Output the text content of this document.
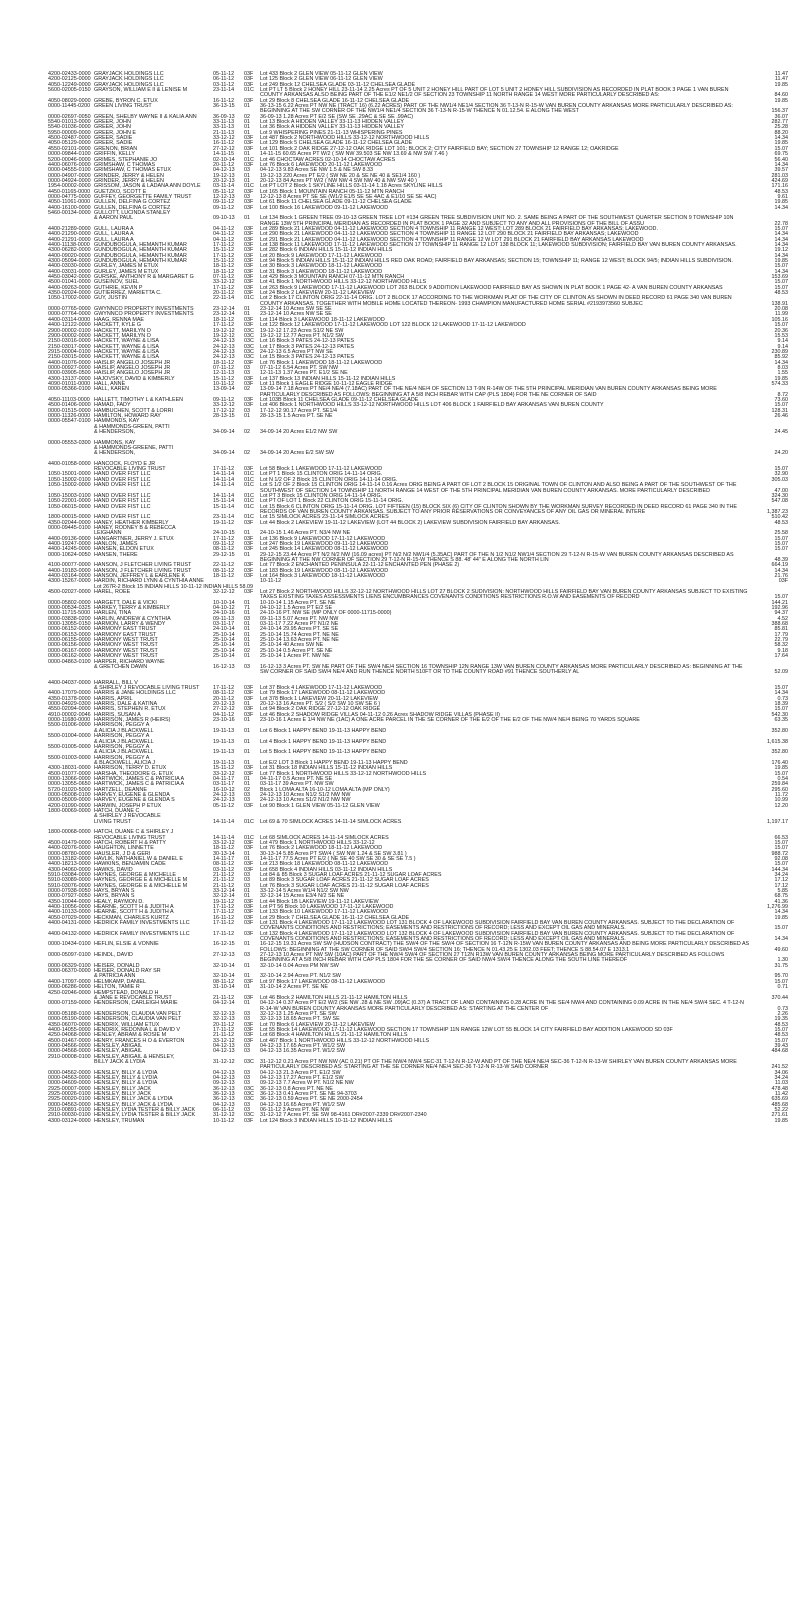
4200-02433-0000 GRAYJACK HOLDINGS LLC	05-11-12	03F	Lot 433 Block 2 GLEN VIEW 05-11-12 GLEN VIEW	11.47
4200-02125-0000 GRAYJACK HOLDINGS LLC	06-11-12	03F	Lot 125 Block 2 GLEN VIEW 06-11-12 GLEN VIEW	11.47
4050-12249-0000 GRAYJACK HOLDINGS LLC	03-11-12	03F	Lot 249 Block 12 CHELSEA GLADE 03-11-12 CHELSEA GLADE	19.85
5600-02005-0150 GRAYSON, WILLIAM E II & LENISE M	23-11-14	01C	Lot PT LT 5 Block 2 HONEY HILL 23-11-14 2.25 Acres PT OF 5 UNIT 2 HONEY HILL PART OF LOT 5 UNIT 2 HONEY HILL SUBDIVISION AS RECORDED IN PLAT BOOK 3 PAGE 1 VAN BUREN COUNTY ARKANSAS ALSO BEING PART OF THE E1/2 NE1/2 OF SECTION 23 TOWNSHIP 11 NORTH RANGE 14 WEST MORE PARTICULARLY DESCRIBED AS:	84.60
4050-08029-0000 GREBE, BYRON C. ETUX	16-11-12	03F	Lot 29 Block 8 CHELSEA GLADE 16-11-12 CHELSEA GLADE	19.85
0000-11445-0200 GREEN LIVING TRUST	36-13-15	01	36-13-15 6.22 Acres PT NW NE (TRACT 16) (6.22 ACRES) PART OF THE NW1/4 NE1/4 SECTION 36 T-13-N R-15-W VAN BUREN COUNTY ARKANSAS MORE PARTICULARLY DESCRIBED AS: BEGINNING AT THE SW CORNER OF THE NW1/4 NE1/4 SECTION 36 T-13-N R-15-W THENCE N 01.12.54. E ALONG THE WEST	156.37
0000-02697-0050 GREEN, SHELBY WAYNE II & KALIA ANN	36-09-13	02	36-09-13 1.28 Acres PT E/2 SE (SW SE .29AC & SE SE .99AC)	36.07
5540-01013-0000 GREER, JOHN	33-11-13	01	Lot 13 Block A HIDDEN VALLEY 33-11-13 HIDDEN VALLEY	282.77
5540-01036-0000 GREER, JOHN	33-11-13	01	Lot 36 Block A HIDDEN VALLEY 33-11-13 HIDDEN VALLEY	25.28
5950-00009-0000 GREER, JOHN E	21-11-13	01	Lot 9 WHISPERING PINES 21-11-13 WHISPERING PINES	88.20
4500-02487-0000 GREER, SADIE	33-12-12	03F	Lot 487 Block 2 NORTHWOOD HILLS 33-12-12 NORTHWOOD HILLS	14.34
4050-05129-0000 GREER, SADIE	16-11-12	03F	Lot 129 Block 5 CHELSEA GLADE 16-11-12 CHELSEA GLADE	19.85
4550-02101-0000 GRENON, BRIAN	27-12-12	03F	Lot 101 Block 2 OAK RIDGE 27-12-12 OAK RIDGE LOT 101; BLOCK 2; CITY FAIRFIELD BAY; SECTION 27 TOWNSHIP 12 RANGE 12; OAKRIDGE	15.07
0000-09844-0100 GRIFFIN, KELLY	14-11-15	01	14-11-15 60.65 Acres PT W/2 ( SW NW 39.503 SE NW 13.69 & NW SW 7.46 )	69.75
5200-00046-0000 GRIMES, STEPHANIE JO	02-10-14	01C	Lot 46 CHOCTAW ACRES 02-10-14 CHOCTAW ACRES	56.40
4400-06076-0000 GRIMSHAW, C THOMAS	20-11-12	03F	Lot 76 Block 6 LAKEWOOD 20-11-12 LAKEWOOD	14.34
0000-04555-0100 GRIMSHAW, C THOMAS ETUX	04-12-13	03	04-12-13 9.83 Acres SE NW 1.5 & NE SW 8.33	39.57
0000-04907-0000 GRINDER, JERRY & HELEN	19-12-13	01	19-12-13 220 Acres PT E/2 ( SW NE 20 & SE NE 40 & SE1/4 160 )	281.03
0000-04924-0000 GRINDER, JERRY & HELEN	20-12-13	01	20-12-13 84 Acres PT W/2 ( NW NW 4 SW NW 40 & NW SW 40 )	424.69
1954-00002-0000 GRISSOM, JASON & LADANA ANN DOYLE	03-11-14	01C	Lot PT LOT 2 Block 1 SKYLINE HILLS 03-11-14 1.18 Acres SKYLINE HILLS	171.16
4450-01165-0000 GUETZKO, SCOTT E	05-11-12	03F	Lot 165 Block 1 MOUNTAIN RANCH 05-11-12 MTN RANCH	48.53
0000-04775-0000 GUFFEY, GEORGETTE FAMILY TRUST	12-12-13	03	12-12-13 8 Acres PT SE SE (W1/2 E1/5 SE SE 4AC & E1/10 SE SE 4AC)	9.61
4050-11061-0000 GULLEN, DELFINA G CORTEZ	09-11-12	03F	Lot 61 Block 11 CHELSEA GLADE 09-11-12 CHELSEA GLADE	19.85
4400-16100-0000 GULLEN, DELFINA G CORTEZ	09-11-12	03F	Lot 100 Block 16 LAKEWOOD 09-11-12 LAKEWOOD	14.34
5460-00134-0000 GULLOTT, LUCINDA STANLEY
& AARON PAUL	09-10-13	01	Lot 134 Block 1 GREEN TREE 09-10-13 GREEN TREE LOT #134 GREEN TREE SUBDIVISION UNIT NO. 2. SAME BEING A PART OF THE SOUTHWEST QUARTER SECTION 9 TOWNSHIP 10N RANGE 13W 5TH PRINCIPAL MERIDIAN AS RECORDED IN PLAT BOOK 1 PAGE 32 AND SUBJECT TO ANY AND ALL PROVISIONS OF THE BILL OF ASSU	22.78
4400-21289-0000 GULL, LAURA A	04-11-12	03F	Lot 289 Block 21 LAKEWOOD 04-11-12 LAKEWOOD SECTION 4 TOWNSHIP 11 RANGE 12 WEST; LOT 289 BLOCK 21 FAIRFIELD BAY ARKANSAS; LAKEWOOD.	15.07
4400-21290-0000 GULL, LAURA A	04-11-12	03F	Lot 290 Block 21 LAKEWOOD 04-11-12 LAKEWOOD SECTION 4 TOWNSHIP 11 RANGE 12 LOT 290 BLOCK 21 FAIRFIELD BAY ARKANSAS; LAKEWOOD	14.34
4400-21291-0000 GULL, LAURA A	04-11-12	03F	Lot 291 Block 21 LAKEWOOD 04-11-12 LAKEWOOD SECTION 4 TOWNSHIP 11 RANGE 12 W LOT 291 BLOCK 21 FAIRFIELD BAY ARKANSAS LAKEWOOD	14.34
4400-11138-0000 GUNDUBOGULA, HEMANTH KUMAR	17-11-12	03F	Lot 138 Block 11 LAKEWOOD 17-11-12 LAKEWOOD SECTION 17 TOWNSHIP 11 RANGE 12 LOT 138 BLOCK 11; LAKEWOOD SUBDIVISION; FAIRFIELD BAY VAN BUREN COUNTY ARKANSAS.	14.34
4300-06282-0000 GUNDUBOGULA, HEMANTH KUMAR	15-11-12	03F	Lot 282 Block 6 INDIAN HILLS 15-11-12 INDIAN HILLS	19.12
4400-09020-0000 GUNDUBOGULA, HEMANTH KUMAR	17-11-12	03F	Lot 20 Block 9 LAKEWOOD 17-11-12 LAKEWOOD	14.34
4300-05094-0000 GUNDUBOGULA, HEMANTH KUMAR	15-11-12	03F	Lot 94 Block 5 INDIAN HILLS 15-11-12 INDIAN HILLS RED OAK ROAD; FAIRFIELD BAY ARKANSAS; SECTION 15; TOWNSHIP 11; RANGE 12 WEST; BLOCK 94/5; INDIAN HILLS SUBDIVISION.	19.85
4400-03030-0000 GURLEY, JAMES M ETUX	18-11-12	03F	Lot 30 Block 3 LAKEWOOD 18-11-12 LAKEWOOD	15.07
4400-03031-0000 GURLEY, JAMES M ETUX	18-11-12	03F	Lot 31 Block 3 LAKEWOOD 18-11-12 LAKEWOOD	14.34
4450-03042-0000 GURSKE, ANTHONY R & MARGARET G	07-11-12	03F	Lot 429 Block 3 MOUNTAIN RANCH 07-11-12 MTN RANCH	153.69
4500-01041-0000 GUSEINOV, SUEL	33-12-12	03F	Lot 41 Block 1 NORTHWOOD HILLS 33-12-12 NORTHWOOD HILLS	15.07
4400-09263-0000 GUTHRIE, KEVIN P	17-11-12	03F	Lot 263 Block 9 LAKEWOOD 17-11-12 LAKEWOOD LOT 263 BLOCK 9 ADDITION LAKEWOOD FAIRFIELD BAY AS SHOWN IN PLAT BOOK 1 PAGE 42- A VAN BUREN COUNTY ARKANSAS	15.07
4350-02024-0000 GUTIERREZ, MARIETTA C.	20-11-12	03F	Lot 24 Block 2 LAKEVIEW 20-11-12 LAKEVIEW	48.53
1050-17002-0000 GUY, JUSTIN	22-11-14	01C	Lot 2 Block 17 CLINTON ORIG 22-11-14 ORIG. LOT 2 BLOCK 17 ACCORDING TO THE WORKMAN PLAT OF THE CITY OF CLINTON AS SHOWN IN DEED RECORD 61 PAGE 340 VAN BUREN COUNTY ARKANSAS. TOGETHER WITH MOBILE HOME LOCATED THEREON- 1993 CHAMPION MANUFACTURED HOME SERIAL #2193973560 SUBJEC	138.91
0000-07765-0000 GWYNNCO PROPERTY INVESTMENTS	23-12-14	01	23-12-14 10 Acres SW SE SE	20.08
0000-07764-0000 GWYNNCO PROPERTY INVESTMENTS	23-12-14	01	23-12-14 10 Acres NW SE SE	11.99
4400-03114-0000 HAAG, RENNA MAE	18-11-12	03F	Lot 114 Block 3 LAKEWOOD 18-11-12 LAKEWOOD	105.16
4400-12122-0000 HACKETT, KYLE G	17-11-12	03F	Lot 122 Block 12 LAKEWOOD 17-11-12 LAKEWOOD LOT 122 BLOCK 12 LAKEWOOD 17-11-12 LAKEWOOD	15.07
2900-00002-0100 HACKETT, MARILYN O	19-12-12	03C	19-12-12 17.23 Acres S1/2 NE SW	20.36
2900-00002-0000 HACKETT, MARILYN O	19-12-12	03C	19-12-12 12.77 Acres PT. N1/2 SW	15.53
2150-03016-0000 HACKETT, WAYNE & LISA	24-12-13	03C	Lot 16 Block 3 PATES 24-12-13 PATES	9.14
2150-03017-0000 HACKETT, WAYNE & LISA	24-12-13	03C	Lot 17 Block 3 PATES 24-12-13 PATES	9.14
2915-00004-0100 HACKETT, WAYNE & LISA	24-12-13	03C	24-12-13 6.5 Acres PT NW SE	230.89
2150-03015-0000 HACKETT, WAYNE & LISA	24-12-13	03C	Lot 15 Block 3 PATES 24-12-13 PATES	85.92
4400-01076-0000 HAISLIP, ANGELO JOSEPH JR	18-11-12	03F	Lot 76 Block 1 LAKEWOOD 18-11-12 LAKEWOOD	14.34
0000-00927-0000 HAISLIP, ANGELO JOSEPH JR	07-11-12	03	07-11-12 6.54 Acres PT. SW NW	8.03
0000-03905-0500 HAISLIP, ANGELO JOSEPH JR	12-11-13	03	12-11-13 1.37 Acres PT. E1/2 SE NE	1.55
4300-13137-0000 HAJOVSKY, DAVID & KIMBERLY	15-11-12	03F	Lot 137 Block 13 INDIAN HILLS 15-11-12 INDIAN HILLS	19.85
4090-01011-0000 HALL, ANNE	10-11-12	03F	Lot 11 Block 1 EAGLE RIDGE 10-11-12 EAGLE RIDGE	574.33
0000-05366-0100 HALL, KAREN	13-09-14	02	13-09-14 7.18 Acres PT NE/4 NE/4 (7.18AC) PART OF THE NE/4 NE/4 OF SECTION 13 T-9N R-14W OF THE 5TH PRINCIPAL MERIDIAN VAN BUREN COUNTY ARKANSAS BEING MORE PARTICULARLY DESCRIBED AS FOLLOWS: BEGINNING AT A 5/8 INCH REBAR WITH CAP (PLS 1804) FOR THE NE CORNER OF SAID	8.72
4050-11103-0000 HALLETT, TIMOTHY L & KATHLEEN	09-11-12	03F	Lot 103B Block 11 CHELSEA GLADE 09-11-12 CHELSEA GLADE	73.60
4500-01406-0000 HAMAD, FADY	33-12-12	03F	Lot 406 Block 1 NORTHWOOD HILLS 33-12-12 NORTHWOOD HILLS LOT 406 BLOCK 1 FAIRFIELD BAY ARKANSAS VAN BUREN COUNTY	15.07
0000-01515-0000 HAMBUCHEN, SCOTT & LORRI	17-12-12	03	17-12-12 90.17 Acres PT. SE1/4	128.31
0000-11326-0000 HAMILTON, HOWARD RAY	28-13-15	01	28-13-15 1.5 Acres PT. SE NE	26.46
0000-05547-0100 HAMMONDS, KAY
& HAMMONDS-GREEN, PATTI
& HENDERSON,	34-09-14	02	34-09-14 20 Acres E1/2 NW SW	24.45
0000-05553-0300 HAMMONS, KAY
& HAMMONDS-GREENE, PATTI
& HENDERSON,	34-09-14	02	34-09-14 20 Acres E/2 SW SW	24.20
4400-01058-0000 HANCOCK, FLOYD E JR
REVOCABLE LIVING TRUST	17-11-12	03F	Lot 58 Block 1 LAKEWOOD 17-11-12 LAKEWOOD	15.07
1050-15001-0000 HAND OVER FIST LLC	14-11-14	01C	Lot PT 1 Block 15 CLINTON ORIG 14-11-14 ORIG.	32.90
1050-15002-0100 HAND OVER FIST LLC	14-11-14	01C	Lot N 1/2 OF 2 Block 15 CLINTON ORIG 14-11-14 ORIG.	305.03
1050-15002-0000 HAND OVER FIST LLC	14-11-14	01C	Lot S 1/2 OF 2 Block 15 CLINTON ORIG 14-11-14 0.16 Acres ORIG BEING A PART OF LOT 2 BLOCK 15 ORIGINAL TOWN OF CLINTON AND ALSO BEING A PART OF THE SOUTHWEST OF THE SOUTHWEST OF SECTION 14 TOWNSHIP 11 NORTH RANGE 14 WEST OF THE 5TH PRINCIPAL MERIDIAN VAN BUREN COUNTY ARKANSAS. MORE PARTICULARLY DESCRIBED	47.00
1050-15003-0100 HAND OVER FIST LLC	14-11-14	01C	Lot PT 3 Block 15 CLINTON ORIG 14-11-14 ORIG.	324.30
1050-22001-0000 HAND OVER FIST LLC	15-11-14	01C	Lot PT OF LOT 1 Block 22 CLINTON ORIG 15-11-14 ORIG.	547.08
1050-06015-0000 HAND OVER FIST LLC	15-11-14	01C	Lot 15 Block 6 CLINTON ORIG 15-11-14 ORIG. LOT FIFTEEN (15) BLOCK SIX (6) CITY OF CLINTON SHOWN BY THE WORKMAN SURVEY RECORDED IN DEED RECORD 61 PAGE 340 IN THE RECORDS OF VAN BUREN COUNTY ARKANSAS. SUBJECT TO ANY PRIOR RESERVATIONS OR CONVEYANCES OF ANY OIL GAS OR MINERAL INTERE	1,387.23
1800-00015-0000 HAND OVER FIST LLC	23-11-14	01C	Lot 15 SIMLOCK ACRES 23-11-14 SIMLOCK ACRES	510.42
4350-02044-0000 HANEY, HEATHER KIMBERLY	19-11-12	03F	Lot 44 Block 2 LAKEVIEW 19-11-12 LAKEVIEW (LOT 44 BLOCK 2) LAKEVIEW SUBDIVISION FAIRFIELD BAY ARKANSAS.	48.53
0000-09445-0100 HANEY, RODNEY B & REBECCA
LEIGHANN	24-10-15	01	24-10-15 1.46 Acres PT. N3/4 NW NE	25.58
4400-09136-0000 HANGARTNER, JERRY J. ETUX	17-11-12	03F	Lot 136 Block 9 LAKEWOOD 17-11-12 LAKEWOOD	15.07
4400-19247-0000 HANLON, JAMES	09-11-12	03F	Lot 247 Block 19 LAKEWOOD 09-11-12 LAKEWOOD	15.07
4400-14245-0000 HANSEN, ELDON ETUX	08-11-12	03F	Lot 245 Block 14 LAKEWOOD 08-11-12 LAKEWOOD	15.07
0000-10624-0050 HANSEN, THERE	29-12-15	01	29-12-15 23.44 Acres PT N/2 N/2 NW (16.09 acres) PT N/2 N/2 NW1/4 (5.35AC) PART OF THE N 1/2 N1/2 NW1/4 SECTION 29 T-12-N R-15-W VAN BUREN COUNTY ARKANSAS DESCRIBED AS BEGINNING AT THE NW CORNER OF SECTION 29 T-12-N R-15-W THENCE S 88. 48' 44" E ALONG THE NORTH LIN	48.39
4100-00077-0000 HANSON, J FLETCHER LIVING TRUST	22-11-12	03F	Lot 77 Block 2 ENCHANTED PENINSULA 22-11-12 ENCHANTED PEN (PHASE 2)	664.19
4400-19183-0000 HANSON, J FLETCHER LIVING TRUST	08-11-12	03F	Lot 183 Block 19 LAKEWOOD 08-11-12 LAKEWOOD	14.34
4400-03164-0000 HANSON, JEFFREY L & EARLENE K	18-11-12	03F	Lot 164 Block 3 LAKEWOOD 18-11-12 LAKEWOOD	21.76
4300-15267-0000 HARDIN, RICHARD LYNN & CYNTHIA ANNE	10-11-12	03F
Lot 267R-2 Block 15 INDIAN HILLS 10-11-12 INDIAN HILLS 58.09
4500-02027-0000 HAREL, ROEE	32-12-12	03F	Lot 27 Block 2 NORTHWOOD HILLS 32-12-12 NORTHWOOD HILLS LOT 27 BLOCK 2 SUDIVISION: NORTHWOOD HILLS FAIRFIELD BAY VAN BUREN COUNTY ARKANSAS SUBJECT TO EXISTING TAXES EXISTING TAXES ASSESSMENTS LIENS ENCUMBRANCES COVENANTS CONDITIONS RESTRICTIONS R.O.W AND EASEMENTS OF RECORD	15.07
0000-05802-0000 HARGETT, DALE & VICKI	10-10-14	01	10-10-14 1.15 Acres PT. SE NE	144.21
0000-00534-0325 HARKEY, TERRY & KIMBERLY	04-10-12	71	04-10-12 1.5 Acres PT E/2 SE	192.96
0000-11715-5000 HARLEN, TINA	24-10-16	01	24-10-16 PT. NW SE (MP ONLY OF 0000-11715-0000)	94.37
0000-03838-0200 HARLIN, ANDREW & CYNTHIA	09-11-13	03	09-11-13 5.07 Acres PT. NW NW	4.52
0000-13055-0150 HARMON, LARRY & WENDY	03-11-17	01	03-11-17 7.22 Acres PT N1/2 NE	388.68
0000-06152-0000 HARMONY EAST TRUST	24-10-14	01	24-10-14 29.95 Acres PT. SE SE	85.81
0000-06153-0000 HARMONY EAST TRUST	25-10-14	01	25-10-14 15.74 Acres PT. NE NE	17.79
0000-06155-0000 HARMONY WEST TRUST	25-10-14	01	25-10-14 13.63 Acres PT. NE NE	22.79
0000-06156-0000 HARMONY WEST TRUST	25-10-14	01	25-10-14 40 Acres SW NE	58.32
0000-06167-0000 HARMONY WEST TRUST	25-10-14	02	25-10-14 0.5 Acres PT. SE NE	9.18
0000-06162-0000 HARMONY WEST TRUST	25-10-14	01	25-10-14 1 Acres PT. NW NE	17.64
0000-04863-0100 HARPER, RICHARD WAYNE
& GRETCHEN DAWN	16-12-13	03	16-12-13 3 Acres PT. SW NE PART OF THE SW/4 NE/4 SECTION 16 TOWNSHIP 12N RANGE 13W VAN BUREN COUNTY ARKANSAS MORE PARTICULARLY DESCRIBED AS: BEGINNING AT THE SW CORNER OF SAID SW/4 NE/4 AND RUN THENCE NORTH 510FT OR TO THE COUNTY ROAD #91 THENCE SOUTHERLY AL	52.09
4400-04037-0000 HARRALL, BILL V
& SHIRLEY J REVOCABLE LIVING TRUST	17-11-12	03F	Lot 37 Block 4 LAKEWOOD 17-11-12 LAKEWOOD	15.07
4400-17079-0000 HARRIS & JANE HOLDINGS LLC	08-11-12	03F	Lot 79 Block 17 LAKEWOOD 08-11-12 LAKEWOOD	14.34
4350-01378-0000 HARRIS, APRIL	20-11-12	03F	Lot 378 Block 1 LAKEVIEW 20-11-12 LAKEVIEW	0.73
0000-04929-0300 HARRIS, DALE & KATINA	20-12-13	01	20-12-13 16 Acres PT. S/2 ( S/2 SW 10 SW SE 6 )	18.39
4550-02094-0000 HARRIS, STEPHEN R. ETUX	27-12-12	03F	Lot 94 Block 2 OAK RIDGE 27-12-12 OAK RIDGE	15.07
4910-00002-0046 HARRIS, SUSAN A	04-11-12	03F	Lot 46 Block 2 SHADOW RIDGE VILLAS 04-11-12 0.26 Acres SHADOW RIDGE VILLAS (PHASE II)	542.30
0000-11680-0000 HARRISON, JAMES R (HEIRS)	23-10-16	01	23-10-16 1 Acres E 1/4 NW NE (1AC) A ONE ACRE PARCEL IN THE SE CORNER OF THE E/2 OF THE E/2 OF THE NW/4 NE/4 BEING 70 YARDS SQUARE	63.35
5500-01006-0000 HARRISON, PEGGY A
& ALICIA J BLACKWELL	19-11-13	01	Lot 6 Block 1 HAPPY BEND 19-11-13 HAPPY BEND	352.80
5500-01004-0000 HARRISON, PEGGY A
& ALICIA J BLACKWELL	19-11-13	01	Lot 4 Block 1 HAPPY BEND 19-11-13 HAPPY BEND	1,615.38
5500-01005-0000 HARRISON, PEGGY A
& ALICIA J BLACKWELL	19-11-13	01	Lot 5 Block 1 HAPPY BEND 19-11-13 HAPPY BEND	352.80
5500-01003-0000 HARRISON, PEGGY A
& BLACKWELL, ALICIA J	19-11-13	01	Lot E/2 LOT 3 Block 1 HAPPY BEND 19-11-13 HAPPY BEND	176.40
4300-18031-0000 HARRISON, TERRY D. ETUX	15-11-12	03F	Lot 31 Block 18 INDIAN HILLS 15-11-12 INDIAN HILLS	19.85
4500-01077-0000 HARSHA, THEODORE G. ETUX	33-12-12	03F	Lot 77 Block 1 NORTHWOOD HILLS 33-12-12 NORTHWOOD HILLS	15.07
0000-13066-0000 HARTWICK, JAMES C & PATRICIA A	04-11-17	01	04-11-17 0.5 Acres PT. NE SE	0.54
0000-13055-0650 HARTWICK, JAMES C & PATRICIA A	03-11-17	01	03-11-17 39 Acres PT. NW SW	259.84
5720-01020-5000 HARTZELL, DEANNE	16-10-12	02	Block 1 LOMA ALTA 16-10-12 LOMA ALTA (MP ONLY)	295.60
0000-05008-0100 HARVEY, EUGENE & GLENDA	24-12-13	03	24-12-13 10 Acres N1/2 S1/2 NW NW	11.72
0000-05009-0000 HARVEY, EUGENE & GLENDA S	24-12-13	03	24-12-13 10 Acres S1/2 N1/2 NW NW	10.99
4200-01090-0000 HARWIN, JOSEPH P ETUX	05-11-12	03F	Lot 90 Block 1 GLEN VIEW 05-11-12 GLEN VIEW	12.20
1800-00069-0000 HATCH, DUANE C
& SHIRLEY J REVOCABLE
LIVING TRUST	14-11-14	01C	Lot 69 & 70 SIMLOCK ACRES 14-11-14 SIMLOCK ACRES	1,197.17
1800-00068-0000 HATCH, DUANE C & SHIRLEY J
REVOCABLE LIVING TRUST	14-11-14	01C	Lot 68 SIMLOCK ACRES 14-11-14 SIMLOCK ACRES	66.53
4500-01479-0000 HATCH, ROBERT H & PATTY	33-12-12	03F	Lot 479 Block 1 NORTHWOOD HILLS 33-12-12	15.07
4400-02076-0000 HAUGHTON, LINNETTE	18-11-12	03F	Lot 76 Block 2 LAKEWOOD 18-11-12 LAKEWOOD	15.07
0000-08780-0000 HAUSLER, J D & GERI	30-13-14	01	30-13-14 5.85 Acres PT SW/4 ( SW NW 1.24 & SE SW 3.81 )	988.72
0000-13182-0000 HAVLIK, NATHANIEL W & DANIEL E	14-11-17	01	14-11-17 77.5 Acres PT E/2 ( NE SE 40 SW SE 30 & SE SE 7.5 )	92.08
4400-18213-0000 HAWKINS, BENJAMIN CADE	08-11-12	03F	Lot 213 Block 18 LAKEWOOD 08-11-12 LAKEWOOD	15.07
4300-04060-0000 HAWKS, DAVID	03-11-12	03F	Lot 658 Block 4 INDIAN HILLS 03-11-12 INDIAN HILLS	144.34
5910-03084-0000 HAYNES, GEORGE & MICHELLE	21-11-12	03	Lot 84 & 85 Block 3 SUGAR LOAF ACRES 21-11-12 SUGAR LOAF ACRES	34.24
5910-03089-0000 HAYNES, GEORGE E & MICHELLE M	21-11-12	03	Lot 89 Block 3 SUGAR LOAF ACRES 21-11-12 SUGAR LOAF ACRES	17.12
5910-03076-0000 HAYNES, GEORGE E & MICHELLE M	21-11-12	03	Lot 76 Block 3 SUGAR LOAF ACRES 21-11-12 SUGAR LOAF ACRES	17.12
0000-07938-0050 HAYS, BRYAN S	33-12-14	01	33-12-14 5 Acres W1/4 N1/2 SW NW	5.85
0000-07927-0050 HAYS, BRYAN S	32-12-14	01	32-12-14 15 Acres E3/4 N/2 SE NE	68.75
4350-10044-0000 HEALY, RAYMON D.	19-11-12	03F	Lot 44 Block 1B LAKEVIEW 19-11-12 LAKEVIEW	41.36
4400-10056-0000 HEARNE, SCOTT H & JUDITH A	17-11-12	03F	Lot PT 56 Block 10 LAKEWOOD 17-11-12 LAKEWOOD	1,276.99
4400-10133-0000 HEARNE, SCOTT H & JUDITH A	17-11-12	03F	Lot 133 Block 10 LAKEWOOD 17-11-12 LAKEWOOD	14.34
4050-07029-0000 HECKMAN, CHARLES KURTZ	16-11-12	03F	Lot 29 Block 7 CHELSEA GLADE 16-11-12 CHELSEA GLADE	19.85
4400-04131-0000 HEDRICK FAMILY INVESTMENTS LLC	17-11-12	03F	Lot 131 Block 4 LAKEWOOD 17-11-12 LAKEWOOD LOT 131 BLOCK 4 OF LAKEWOOD SUBDIVISION FAIRFIELD BAY VAN BUREN COUNTY ARKANSAS. SUBJECT TO THE DECLARATION OF COVENANTS CONDITIONS AND RESTRICTIONS; EASEMENTS AND RESTRICTIONS OF RECORD; LESS AND EXCEPT OIL GAS AND MINERALS.	15.07
4400-04132-0000 HEDRICK FAMILY INVESTMENTS LLC	17-11-12	03F	Lot 132 Block 4 LAKEWOOD 17-11-12 LAKEWOOD LOT 132 BLOCK 4 OF LAKEWOOD SUBDIVISION FAIRFIELD BAY VAN BUREN COUNTY ARKANSAS. SUBJECT TO THE DECLARATION OF COVENANTS CONDITIONS AND RESTRICTIONS; EASEMENTS AND RESTRICTIONS OF RECORD; LESS AND EXCEPT OIL GAS AND MINERALS.	14.34
0000-10434-0100 HEFLIN, ELSIE & VONNIE	16-12-15	01	16-12-15 19.31 Acres SW SW (HUDSON CONTRACT) THE SW/4 OF THE SW/4 OF SECTION 16 T-12N R-15W VAN BUREN COUNTY ARKANSAS AND BEING MORE PARTICULARLY DESCRIBED AS FOLLOWS: BEGINNING AT THE SW CORNER OF SAID SW/4 SW/4 SECTION 16; THENCE N 01.43.25 E 1302.03 FEET; THENCE S 88.54.07 E 1313.1	49.60
0000-05097-0100 HEINDL, DAVID	27-12-13	03	27-12-13 10 Acres PT NW SW (10AC) PART OF THE NW/4 SW/4 OF SECTION 27 T12N R13W VAN BUREN COUNTY ARKANSAS BEING MORE PARTICULARLY DESCRIBED AS FOLLOWS BEGINNING AT A 5/8 INCH REBAR WITH CAP PLS 1804 FOR THE SE CORNER OF SAID NW/4 SW/4 THENCE ALONG THE SOUTH LINE THEREOF	1.30
0000-06329-0100 HEISER, DONALD	32-10-14	01	32-10-14 0.04 Acres PM NW SW	31.75
0000-06370-0000 HEISER, DONALD RAY SR
& PATRICIA ANN	32-10-14	01	32-10-14 2.94 Acres PT. N1/2 SW	95.70
4400-17097-0000 HELMKAMP, DANIEL	08-11-12	03F	Lot 97 Block 17 LAKEWOOD 08-11-12 LAKEWOOD	15.07
0000-06286-0000 HELTON, TAMIE R	31-10-14	01	31-10-14 2 Acres PT. SE NE	0.71
4250-02046-0000 HEMPSTEAD, DONALD H
& JANE E REVOCABLE TRUST	21-11-12	03F	Lot 46 Block 2 HAMILTON HILLS 21-11-12 HAMILTON HILLS	370.44
0000-07159-0000 HENDERSON, CARLEIGH MARIE	04-12-14	01	04-12-14 0.37 Acres PT E/2 W/2 (SE NW .28 & NE SW .09)AC (0.37) A TRACT OF LAND CONTAINING 0.28 ACRE IN THE SE/4 NW/4 AND CONTAINING 0.09 ACRE IN THE NE/4 SW/4 SEC. 4 T-12-N R-14-W VAN BUREN COUNTY ARKANSAS MORE PARTICULARLY DESCRIBED AS: STARTING AT THE CENTER OF	0.73
0000-05188-0100 HENDERSON, CLAUDIA VAN PELT	32-12-13	03	32-12-13 1.25 Acres PT. SE SW	2.26
0000-05190-0000 HENDERSON, CLAUDIA VAN PELT	32-12-13	03	32-12-13 18.65 Acres PT. SW SE	19.35
4350-06070-0000 HENDRIX, WILLIAM ETUX	20-11-12	03F	Lot 70 Block 6 LAKEVIEW 20-11-12 LAKEVIEW	48.53
4400-14055-0000 HENDRIX, REDONNA L & DAVID V	17-11-12	03F	Lot 55 Block 14 LAKEWOOD 17-11-12 LAKEWOOD SECTION 17 TOWNSHIP 11N RANGE 12W LOT 55 BLOCK 14 CITY FAIRFIELD BAY ADDITION LAKEWOOD SD 03F	15.07
4250-04068-0000 HENLEY, ABRAM & ROSIE M	21-11-12	03F	Lot 68 Block 4 HAMILTON HILLS 21-11-12 HAMILTON HILLS	48.53
4500-01467-0000 HENRY, FRANCES H O & EVERTON	33-12-12	03F	Lot 467 Block 1 NORTHWOOD HILLS 33-12-12 NORTHWOOD HILLS	15.07
0000-04566-0000 HENSLEY, ABIGAIL	04-12-13	03	04-12-13 17.65 Acres PT. W1/2 SW	39.43
0000-04568-0000 HENSLEY, ABIGAIL	04-12-13	03	04-12-13 16.35 Acres PT. W1/2 SW	484.68
2910-00008-0100 HENSLEY, ABIGAIL & HENSLEY,
BILLY JACK & LYDIA	31-12-12	03C	31-12-12 0.21 Acres PT NW NW (AC 0.21) PT OF THE NW/4 NW/4 SEC-31 T-12-N R-12-W AND PT OF THE NE/4 NE/4 SEC-36 T-12-N R-13-W SHIRLEY VAN BUREN COUNTY ARKANSAS MORE PARTICULARLY DESCRIBED AS: STARTING AT THE SE CORNER NE/4 NE/4 SEC-36 T-12-N R-13-W SAID CORNER	241.52
0000-04562-0000 HENSLEY, BILLY & LYDIA	04-12-13	03	04-12-13 21.3 Acres PT. E1/2 SW	34.06
0000-04563-0000 HENSLEY, BILLY & LYDIA	04-12-13	03	04-12-13 17.27 Acres PT. E1/2 SW	34.24
0000-04609-0000 HENSLEY, BILLY & LYDIA	09-12-13	03	09-12-13 7.7 Acres W PT. N1/2 NE NW	11.03
2925-00007-0000 HENSLEY, BILLY JACK	36-12-13	03C	36-12-13 0.8 Acres PT. NE NE	478.48
2925-00026-0100 HENSLEY, BILLY JACK	36-12-13	03C	36-12-13 0.41 Acres PT. SE NE 94-3703	11.42
2925-00020-0100 HENSLEY, BILLY JACK & LYDIA	36-12-13	03C	36-12-13 0.59 Acres PT. SE NE 2000-2454	635.69
0000-04563-0000 HENSLEY, BILLY JACK & LYDIA	04-12-13	03	04-12-13 16.65 Acres PT. W1/2 SW	485.68
2910-00891-0100 HENSLEY, LYDIA TESTER & BILLY JACK	06-11-12	03	06-11-12 3 Acres PT. NE NW	52.22
2910-00030-0100 HENSLEY, LYDIA TESTER & BILLY JACK	31-12-12	03C	31-12-12 7 Acres PT. SE SW 98-4161 DR#2007-2339 DR#2007-2340	271.61
4300-03124-0000 HENSLEY, TRUMAN	10-11-12	03F	Lot 124 Block 3 INDIAN HILLS 10-11-12 INDIAN HILLS	19.85
